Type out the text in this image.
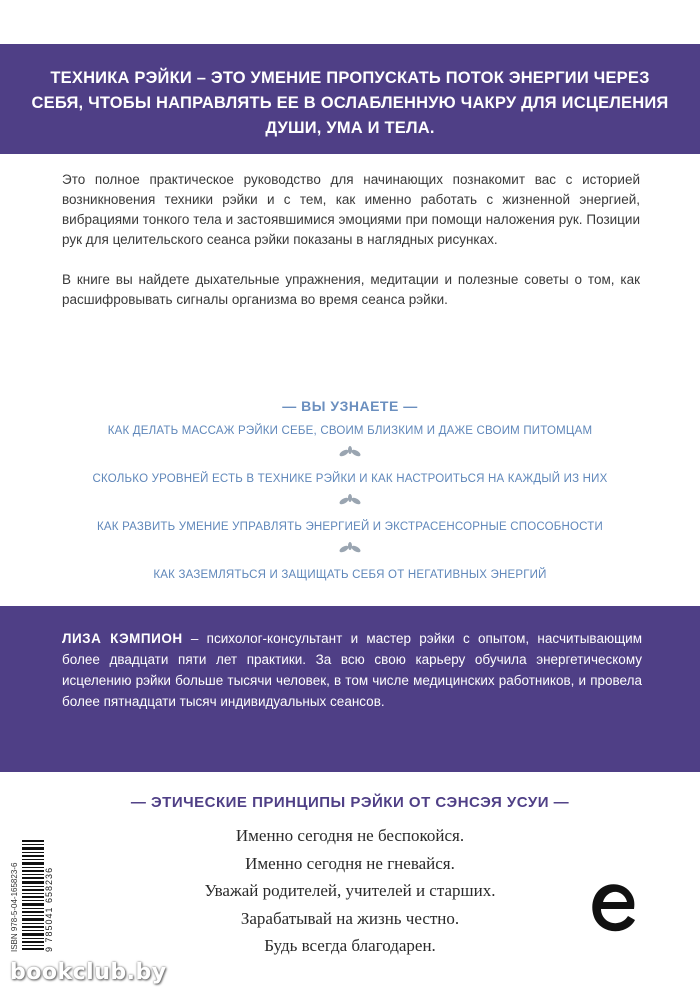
ТЕХНИКА РЭЙКИ – ЭТО УМЕНИЕ ПРОПУСКАТЬ ПОТОК ЭНЕРГИИ ЧЕРЕЗ СЕБЯ, ЧТОБЫ НАПРАВЛЯТЬ ЕЕ В ОСЛАБЛЕННУЮ ЧАКРУ ДЛЯ ИСЦЕЛЕНИЯ ДУШИ, УМА И ТЕЛА.

Это полное практическое руководство для начинающих познакомит вас с историей возникновения техники рэйки и с тем, как именно работать с жизненной энергией, вибрациями тонкого тела и застоявшимися эмоциями при помощи наложения рук. Позиции рук для целительского сеанса рэйки показаны в наглядных рисунках.

В книге вы найдете дыхательные упражнения, медитации и полезные советы о том, как расшифровывать сигналы организма во время сеанса рэйки.

— ВЫ УЗНАЕТЕ —
КАК ДЕЛАТЬ МАССАЖ РЭЙКИ СЕБЕ, СВОИМ БЛИЗКИМ И ДАЖЕ СВОИМ ПИТОМЦАМ
СКОЛЬКО УРОВНЕЙ ЕСТЬ В ТЕХНИКЕ РЭЙКИ И КАК НАСТРОИТЬСЯ НА КАЖДЫЙ ИЗ НИХ
КАК РАЗВИТЬ УМЕНИЕ УПРАВЛЯТЬ ЭНЕРГИЕЙ И ЭКСТРАСЕНСОРНЫЕ СПОСОБНОСТИ
КАК ЗАЗЕМЛЯТЬСЯ И ЗАЩИЩАТЬ СЕБЯ ОТ НЕГАТИВНЫХ ЭНЕРГИЙ
ЛИЗА КЭМПИОН – психолог-консультант и мастер рэйки с опытом, насчитывающим более двадцати пяти лет практики. За всю свою карьеру обучила энергетическому исцелению рэйки больше тысячи человек, в том числе медицинских работников, и провела более пятнадцати тысяч индивидуальных сеансов.
— ЭТИЧЕСКИЕ ПРИНЦИПЫ РЭЙКИ ОТ СЭНСЭЯ УСУИ —
Именно сегодня не беспокойся.
Именно сегодня не гневайся.
Уважай родителей, учителей и старших.
Зарабатывай на жизнь честно.
Будь всегда благодарен.
ISBN 978-5-04-165823-6	9 785041 658236
bookclub.by
